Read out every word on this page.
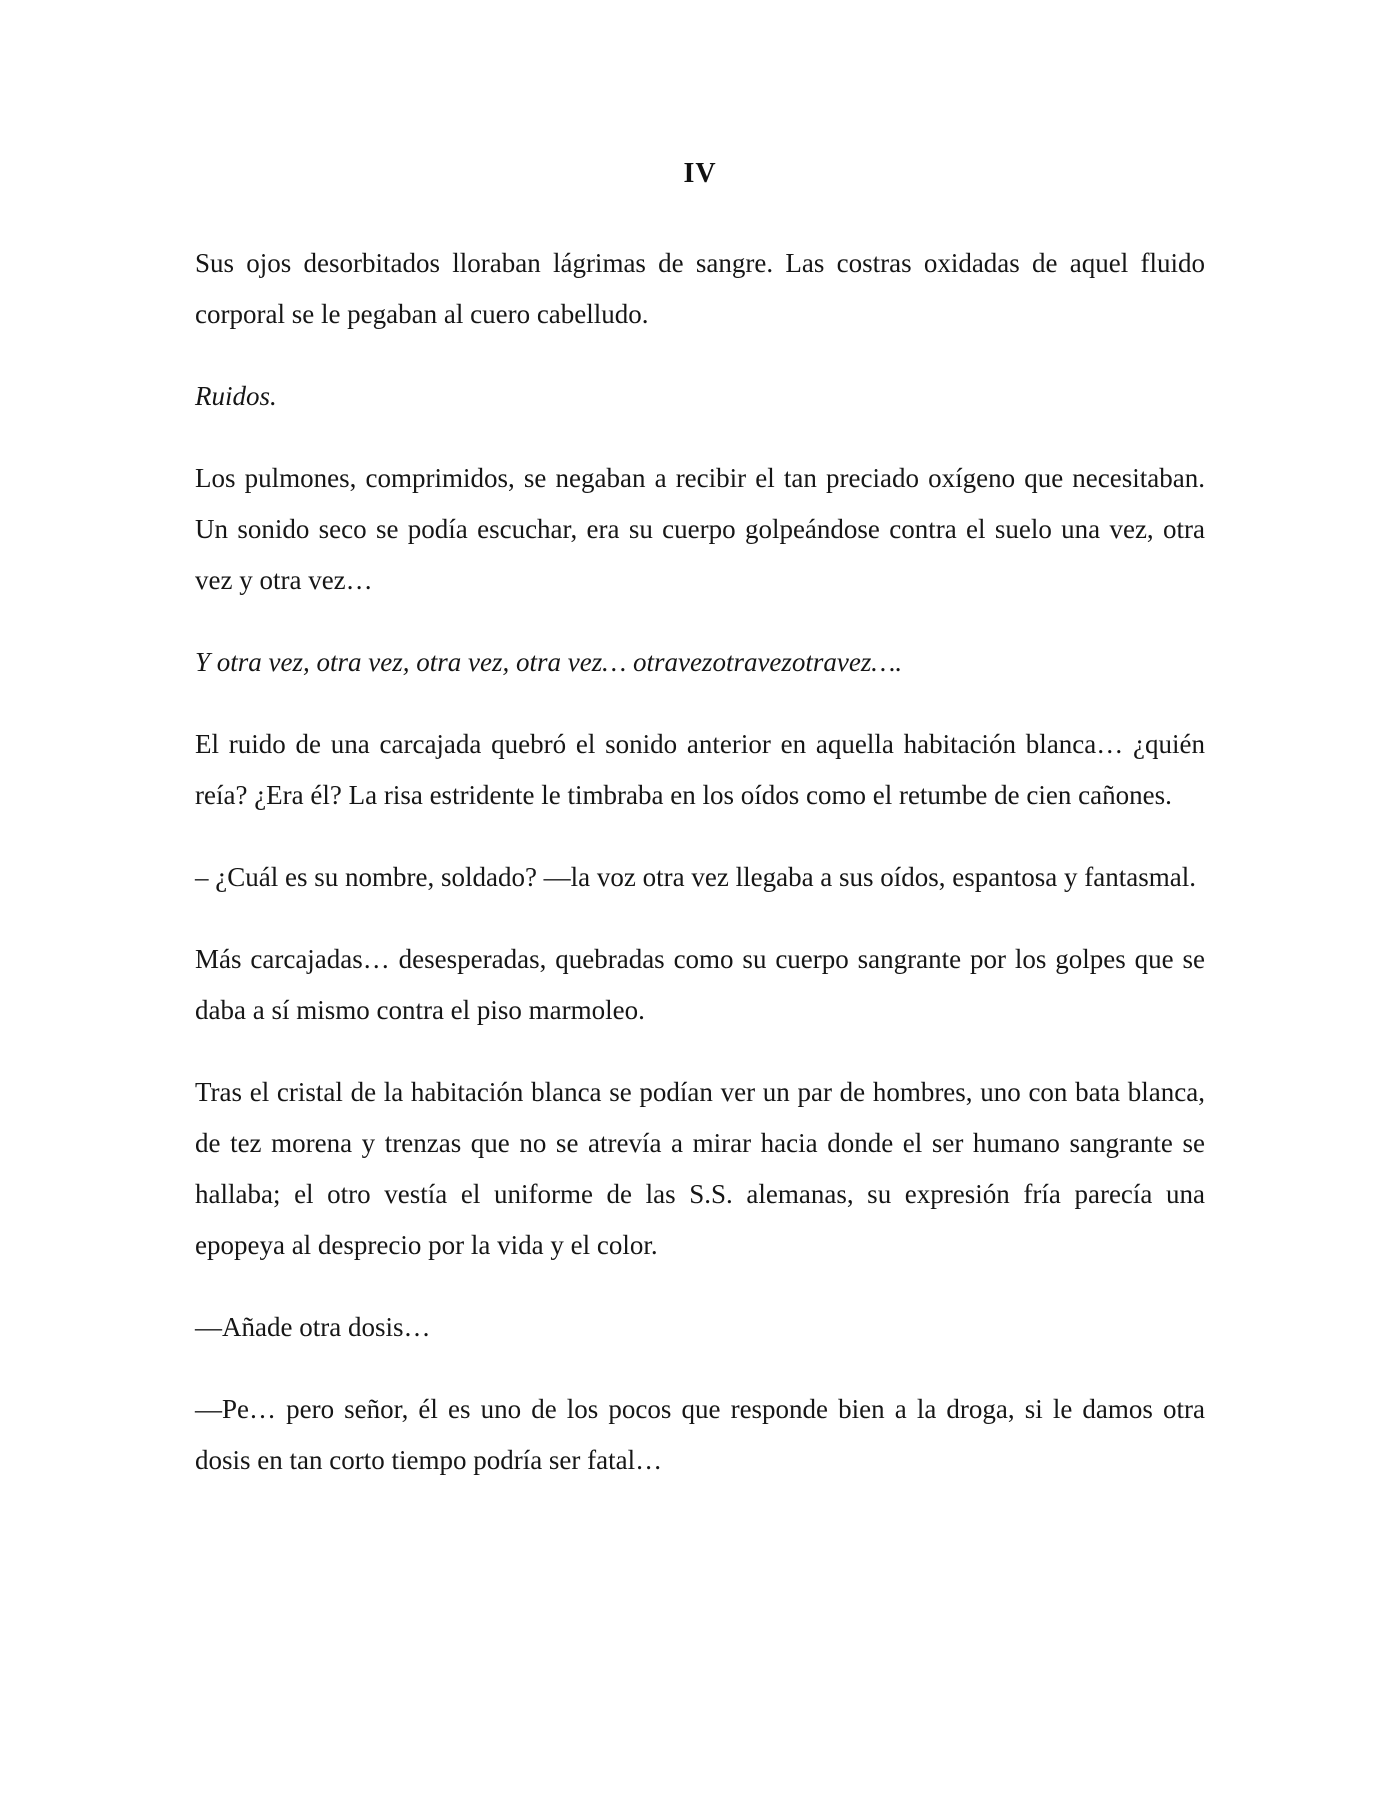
IV

Sus ojos desorbitados lloraban lágrimas de sangre. Las costras oxidadas de aquel fluido corporal se le pegaban al cuero cabelludo.

Ruidos.

Los pulmones, comprimidos, se negaban a recibir el tan preciado oxígeno que necesitaban. Un sonido seco se podía escuchar, era su cuerpo golpeándose contra el suelo una vez, otra vez y otra vez…

Y otra vez, otra vez, otra vez, otra vez… otravezotravezotravez….

El ruido de una carcajada quebró el sonido anterior en aquella habitación blanca… ¿quién reía? ¿Era él? La risa estridente le timbraba en los oídos como el retumbe de cien cañones.

– ¿Cuál es su nombre, soldado? —la voz otra vez llegaba a sus oídos, espantosa y fantasmal.

Más carcajadas… desesperadas, quebradas como su cuerpo sangrante por los golpes que se daba a sí mismo contra el piso marmoleo.

Tras el cristal de la habitación blanca se podían ver un par de hombres, uno con bata blanca, de tez morena y trenzas que no se atrevía a mirar hacia donde el ser humano sangrante se hallaba; el otro vestía el uniforme de las S.S. alemanas, su expresión fría parecía una epopeya al desprecio por la vida y el color.

—Añade otra dosis…

—Pe… pero señor, él es uno de los pocos que responde bien a la droga, si le damos otra dosis en tan corto tiempo podría ser fatal…
